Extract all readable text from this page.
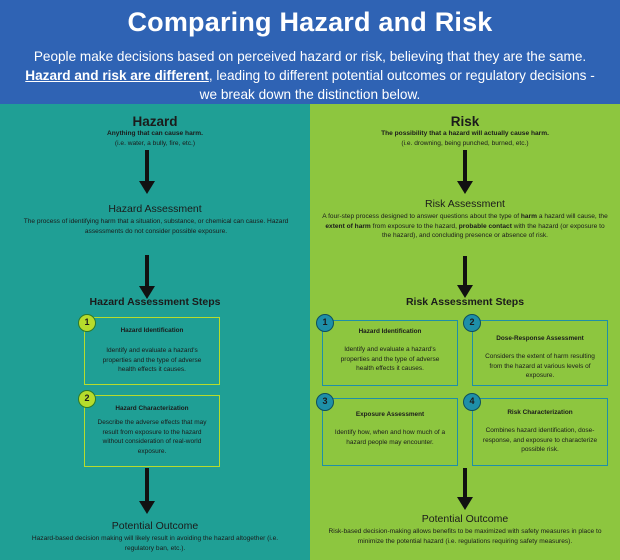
Comparing Hazard and Risk
People make decisions based on perceived hazard or risk, believing that they are the same. Hazard and risk are different, leading to different potential outcomes or regulatory decisions - we break down the distinction below.
Hazard
Anything that can cause harm.
(i.e. water, a bully, fire, etc.)
Hazard Assessment
The process of identifying harm that a situation, substance, or chemical can cause. Hazard assessments do not consider possible exposure.
Hazard Assessment Steps
Hazard Identification
Identify and evaluate a hazard's properties and the type of adverse health effects it causes.
1
Hazard Characterization
Describe the adverse effects that may result from exposure to the hazard without consideration of real-world exposure.
2
Potential Outcome
Hazard-based decision making will likely result in avoiding the hazard altogether (i.e. regulatory ban, etc.).
Risk
The possibility that a hazard will actually cause harm.
(i.e. drowning, being punched, burned, etc.)
Risk Assessment
A four-step process designed to answer questions about the type of harm a hazard will cause, the extent of harm from exposure to the hazard, probable contact with the hazard (or exposure to the hazard), and concluding presence or absence of risk.
Risk Assessment Steps
Hazard Identification
Identify and evaluate a hazard's properties and the type of adverse health effects it causes.
1
Dose-Response Assessment
Considers the extent of harm resulting from the hazard at various levels of exposure.
2
Exposure Assessment
Identify how, when and how much of a hazard people may encounter.
3
Risk Characterization
Combines hazard identification, dose-response, and exposure to characterize possible risk.
4
Potential Outcome
Risk-based decision-making allows benefits to be maximized with safety measures in place to minimize the potential hazard (i.e. regulations requiring safety measures).
